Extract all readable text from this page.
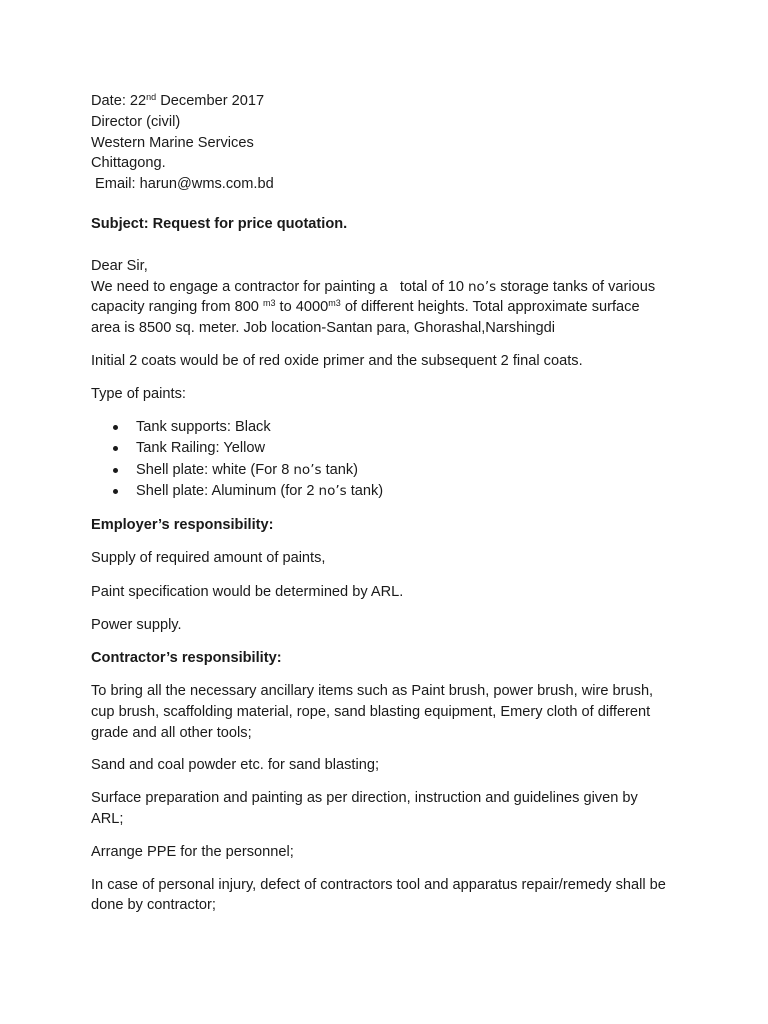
Date: 22nd December 2017
Director (civil)
Western Marine Services
Chittagong.
Email: harun@wms.com.bd
Subject: Request for price quotation.
Dear Sir,
We need to engage a contractor for painting a   total of 10 no’s storage tanks of various
capacity ranging from 800 $^{m3}$ to $4000^{m3}$ of different heights. Total approximate surface
area is 8500 sq. meter. Job location-Santan para, Ghorashal,Narshingdi
Initial 2 coats would be of red oxide primer and the subsequent 2 final coats.
Type of paints:
Tank supports: Black
Tank Railing: Yellow
Shell plate: white (For 8 no’s tank)
Shell plate: Aluminum (for 2 no’s tank)
Employer’s responsibility:
Supply of required amount of paints,
Paint specification would be determined by ARL.
Power supply.
Contractor’s responsibility:
To bring all the necessary ancillary items such as Paint brush, power brush, wire brush,
cup brush, scaffolding material, rope, sand blasting equipment, Emery cloth of different
grade and all other tools;
Sand and coal powder etc. for sand blasting;
Surface preparation and painting as per direction, instruction and guidelines given by
ARL;
Arrange PPE for the personnel;
In case of personal injury, defect of contractors tool and apparatus repair/remedy shall be
done by contractor;
